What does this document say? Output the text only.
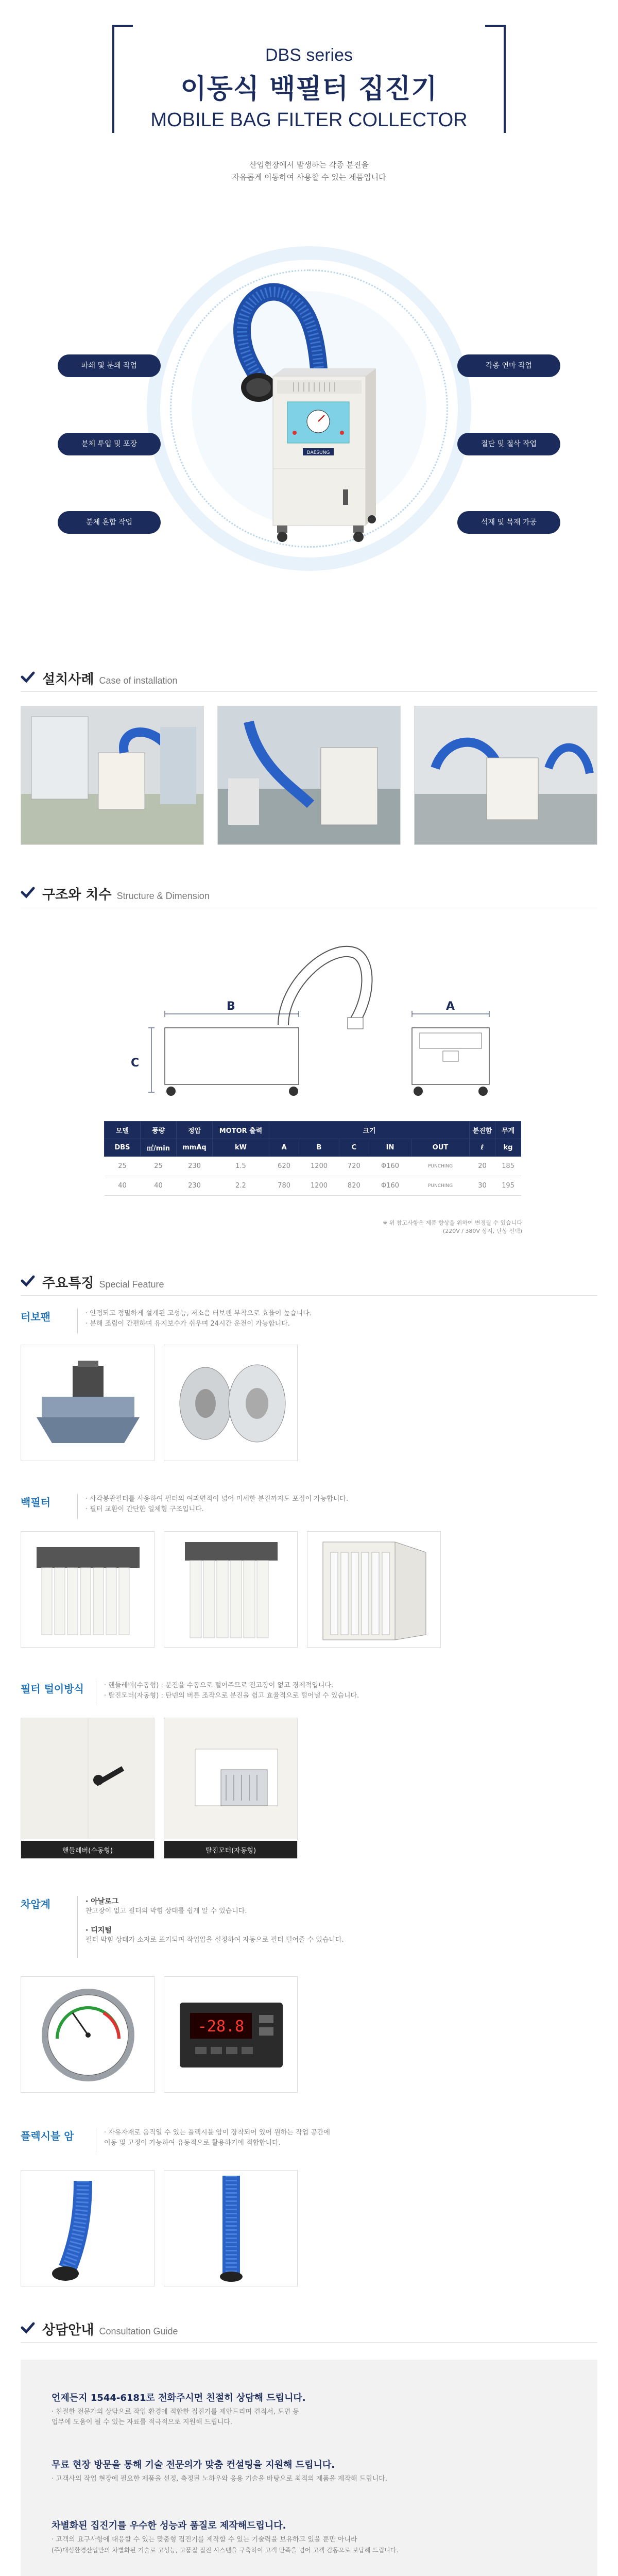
DBS series
이동식 백필터 집진기
MOBILE BAG FILTER COLLECTOR
산업현장에서 발생하는 각종 분진을
자유롭게 이동하여 사용할 수 있는 제품입니다
파쇄 및 분쇄 작업
분체 투입 및 포장
분체 혼합 작업
각종 연마 작업
절단 및 절삭 작업
석재 및 목재 가공
DAESUNG
설치사례 Case of installation
구조와 치수 Structure & Dimension
B
C
A
모델	풍량	정압	MOTOR 출력	크기					분진함	무게
DBS	㎥/min	mmAq	kW	A	B	C	IN	OUT	ℓ	kg
25	25	230	1.5	620	1200	720	Φ160	PUNCHING	20	185
40	40	230	2.2	780	1200	820	Φ160	PUNCHING	30	195
※ 위 참고사항은 제품 향상을 위하여 변경될 수 있습니다
(220V / 380V 상시, 단상 선택)
주요특징 Special Feature
터보팬	· 안정되고 정밀하게 설계된 고성능, 저소음 터보팬 부착으로 효율이 높습니다.
· 분해 조립이 간편하며 유지보수가 쉬우며 24시간 운전이 가능합니다.
백필터	· 사각봉관필터를 사용하여 필터의 여과면적이 넓어 미세한 분진까지도 포집이 가능합니다.
· 필터 교환이 간단한 일체형 구조입니다.
필터 털이방식	· 핸들레버(수동형) : 분진을 수동으로 털어주므로 전고장이 없고 경제적입니다.
· 탈진모터(자동형) : 탄넨의 버튼 조작으로 분진을 쉽고 효율적으로 털어낼 수 있습니다.
핸들레버(수동형)	탈진모터(자동형)
차압계	· 아날로그
찬고장이 없고 필터의 막힘 상태를 쉽게 알 수 있습니다.
· 디지털
필터 막힘 상태가 소자로 표기되며 작업압을 설정하여 자동으로 필터 털어줄 수 있습니다.
-28.8
플렉시블 암	· 자유자재로 움직일 수 있는 플렉시블 암이 장착되어 있어 원하는 작업 공간에
이동 및 고정이 가능하여 유동적으로 활용하기에 적합합니다.
상담안내 Consultation Guide
언제든지 1544-6181로 전화주시면 친절히 상담해 드립니다.
· 친절한 전문가의 상담으로 작업 환경에 적합한 집진기를 제안드리며 견적서, 도면 등
업무에 도움이 될 수 있는 자료를 적극적으로 지원해 드립니다.
무료 현장 방문을 통해 기술 전문의가 맞춤 컨설팅을 지원해 드립니다.
· 고객사의 작업 현장에 필요한 제품을 선정, 측정된 노하우와 응용 기술을 바탕으로 최적의 제품을 제작해 드립니다.
차별화된 집진기를 우수한 성능과 품질로 제작해드립니다.
· 고객의 요구사항에 대응할 수 있는 맞춤형 집진기를 제작할 수 있는 기술력을 보유하고 있을 뿐만 아니라
(주)대성환경산업만의 차별화된 기술로 고성능, 고품질 집진 시스템을 구축하여 고객 만족을 넘어 고객 감동으로 보답해 드립니다.
